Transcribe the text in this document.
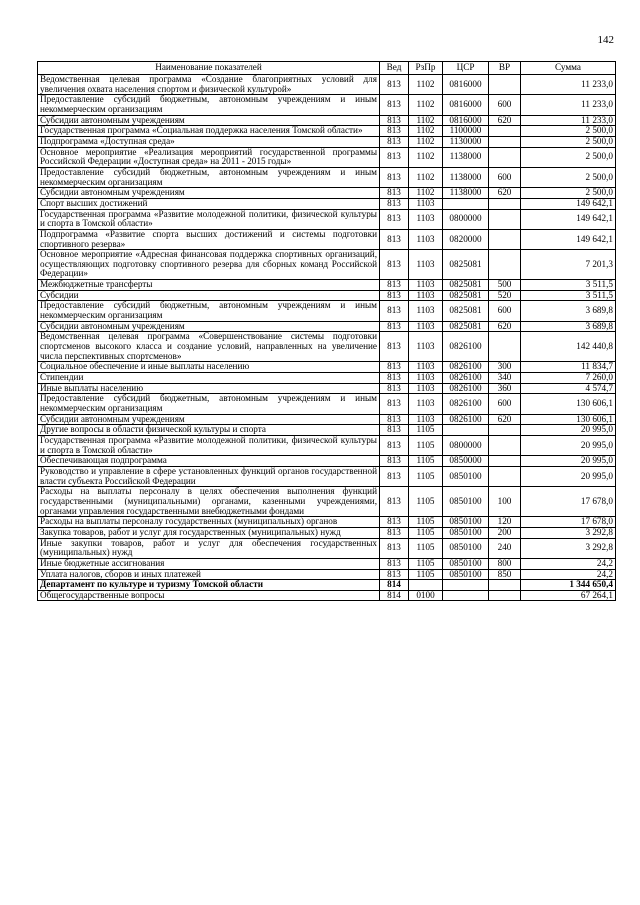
142
Наименование показателей	Вед	РзПр	ЦСР	ВР	Сумма
Ведомственная целевая программа «Создание благоприятных условий для увеличения охвата населения спортом и физической культурой»	813	1102	0816000		11 233,0
Предоставление субсидий бюджетным, автономным учреждениям и иным некоммерческим организациям	813	1102	0816000	600	11 233,0
Субсидии автономным учреждениям	813	1102	0816000	620	11 233,0
Государственная программа «Социальная поддержка населения Томской области»	813	1102	1100000		2 500,0
Подпрограмма «Доступная среда»	813	1102	1130000		2 500,0
Основное мероприятие «Реализация мероприятий государственной программы Российской Федерации «Доступная среда» на 2011 - 2015 годы»	813	1102	1138000		2 500,0
Предоставление субсидий бюджетным, автономным учреждениям и иным некоммерческим организациям	813	1102	1138000	600	2 500,0
Субсидии автономным учреждениям	813	1102	1138000	620	2 500,0
Спорт высших достижений	813	1103			149 642,1
Государственная программа «Развитие молодежной политики, физической культуры и спорта в Томской области»	813	1103	0800000		149 642,1
Подпрограмма «Развитие спорта высших достижений и системы подготовки спортивного резерва»	813	1103	0820000		149 642,1
Основное мероприятие «Адресная финансовая поддержка спортивных организаций, осуществляющих подготовку спортивного резерва для сборных команд Российской Федерации»	813	1103	0825081		7 201,3
Межбюджетные трансферты	813	1103	0825081	500	3 511,5
Субсидии	813	1103	0825081	520	3 511,5
Предоставление субсидий бюджетным, автономным учреждениям и иным некоммерческим организациям	813	1103	0825081	600	3 689,8
Субсидии автономным учреждениям	813	1103	0825081	620	3 689,8
Ведомственная целевая программа «Совершенствование системы подготовки спортсменов высокого класса и создание условий, направленных на увеличение числа перспективных спортсменов»	813	1103	0826100		142 440,8
Социальное обеспечение и иные выплаты населению	813	1103	0826100	300	11 834,7
Стипендии	813	1103	0826100	340	7 260,0
Иные выплаты населению	813	1103	0826100	360	4 574,7
Предоставление субсидий бюджетным, автономным учреждениям и иным некоммерческим организациям	813	1103	0826100	600	130 606,1
Субсидии автономным учреждениям	813	1103	0826100	620	130 606,1
Другие вопросы в области физической культуры и спорта	813	1105			20 995,0
Государственная программа «Развитие молодежной политики, физической культуры и спорта в Томской области»	813	1105	0800000		20 995,0
Обеспечивающая подпрограмма	813	1105	0850000		20 995,0
Руководство и управление в сфере установленных функций органов государственной власти субъекта Российской Федерации	813	1105	0850100		20 995,0
Расходы на выплаты персоналу в целях обеспечения выполнения функций государственными (муниципальными) органами, казенными учреждениями, органами управления государственными внебюджетными фондами	813	1105	0850100	100	17 678,0
Расходы на выплаты персоналу государственных (муниципальных) органов	813	1105	0850100	120	17 678,0
Закупка товаров, работ и услуг для государственных (муниципальных) нужд	813	1105	0850100	200	3 292,8
Иные закупки товаров, работ и услуг для обеспечения государственных (муниципальных) нужд	813	1105	0850100	240	3 292,8
Иные бюджетные ассигнования	813	1105	0850100	800	24,2
Уплата налогов, сборов и иных платежей	813	1105	0850100	850	24,2
Департамент по культуре и туризму Томской области	814				1 344 650,4
Общегосударственные вопросы	814	0100			67 264,1
